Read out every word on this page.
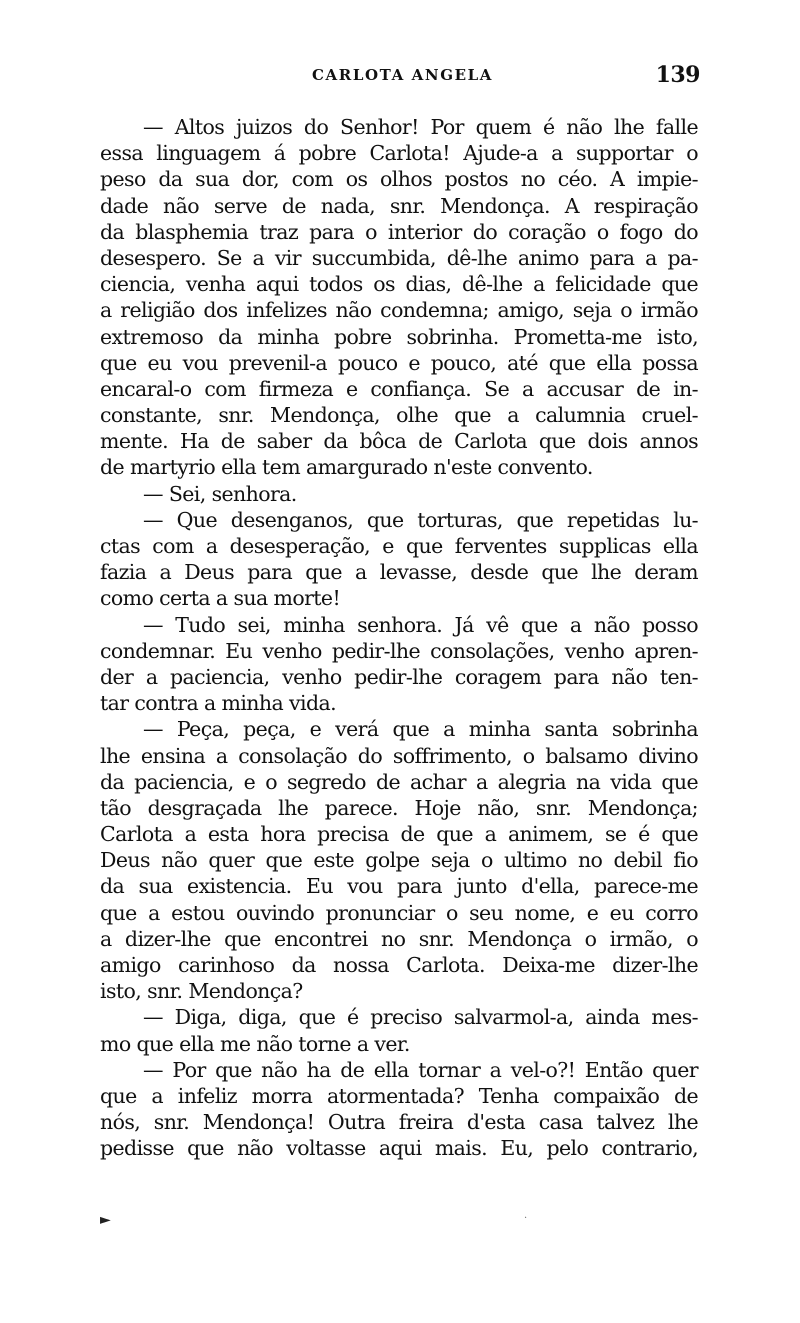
CARLOTA ANGELA	139
— Altos juizos do Senhor! Por quem é não lhe falle
essa linguagem á pobre Carlota! Ajude-a a supportar o
peso da sua dor, com os olhos postos no céo. A impie-
dade não serve de nada, snr. Mendonça. A respiração
da blasphemia traz para o interior do coração o fogo do
desespero. Se a vir succumbida, dê-lhe animo para a pa-
ciencia, venha aqui todos os dias, dê-lhe a felicidade que
a religião dos infelizes não condemna; amigo, seja o irmão
extremoso da minha pobre sobrinha. Prometta-me isto,
que eu vou prevenil-a pouco e pouco, até que ella possa
encaral-o com firmeza e confiança. Se a accusar de in-
constante, snr. Mendonça, olhe que a calumnia cruel-
mente. Ha de saber da bôca de Carlota que dois annos
de martyrio ella tem amargurado n'este convento.
— Sei, senhora.
— Que desenganos, que torturas, que repetidas lu-
ctas com a desesperação, e que ferventes supplicas ella
fazia a Deus para que a levasse, desde que lhe deram
como certa a sua morte!
— Tudo sei, minha senhora. Já vê que a não posso
condemnar. Eu venho pedir-lhe consolações, venho apren-
der a paciencia, venho pedir-lhe coragem para não ten-
tar contra a minha vida.
— Peça, peça, e verá que a minha santa sobrinha
lhe ensina a consolação do soffrimento, o balsamo divino
da paciencia, e o segredo de achar a alegria na vida que
tão desgraçada lhe parece. Hoje não, snr. Mendonça;
Carlota a esta hora precisa de que a animem, se é que
Deus não quer que este golpe seja o ultimo no debil fio
da sua existencia. Eu vou para junto d'ella, parece-me
que a estou ouvindo pronunciar o seu nome, e eu corro
a dizer-lhe que encontrei no snr. Mendonça o irmão, o
amigo carinhoso da nossa Carlota. Deixa-me dizer-lhe
isto, snr. Mendonça?
— Diga, diga, que é preciso salvarmol-a, ainda mes-
mo que ella me não torne a ver.
— Por que não ha de ella tornar a vel-o?! Então quer
que a infeliz morra atormentada? Tenha compaixão de
nós, snr. Mendonça! Outra freira d'esta casa talvez lhe
pedisse que não voltasse aqui mais. Eu, pelo contrario,
►	·
